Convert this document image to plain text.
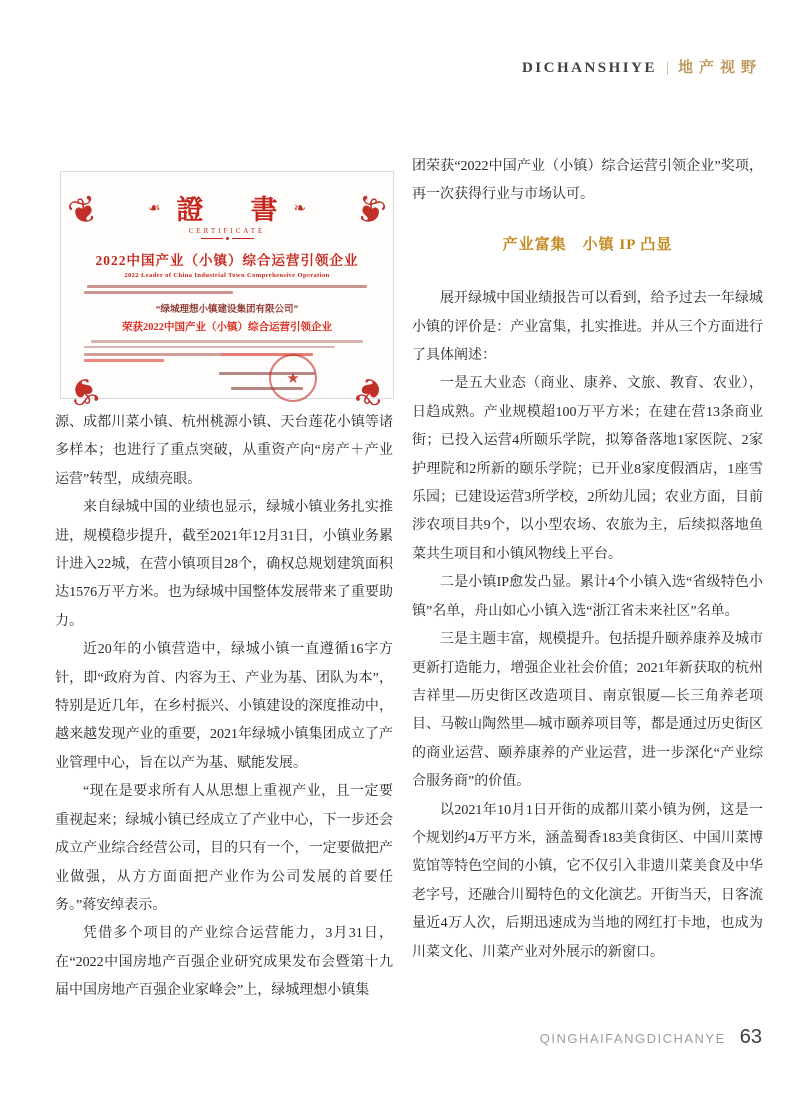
DICHANSHIYE | 地产视野
❦	❦
❦	❦
❧ 證　書 ❧
CERTIFICATE
2022中国产业（小镇）综合运营引领企业
2022 Leader of China Industrial Town Comprehensive Operation
“绿城理想小镇建设集团有限公司”
荣获2022中国产业（小镇）综合运营引领企业
★

源、成都川菜小镇、杭州桃源小镇、天台莲花小镇等诸多样本；也进行了重点突破，从重资产向“房产＋产业运营”转型，成绩亮眼。

来自绿城中国的业绩也显示，绿城小镇业务扎实推进，规模稳步提升，截至2021年12月31日，小镇业务累计进入22城，在营小镇项目28个，确权总规划建筑面积达1576万平方米。也为绿城中国整体发展带来了重要助力。

近20年的小镇营造中，绿城小镇一直遵循16字方针，即“政府为首、内容为王、产业为基、团队为本”，特别是近几年，在乡村振兴、小镇建设的深度推动中，越来越发现产业的重要，2021年绿城小镇集团成立了产业管理中心，旨在以产为基、赋能发展。

“现在是要求所有人从思想上重视产业，且一定要重视起来；绿城小镇已经成立了产业中心，下一步还会成立产业综合经营公司，目的只有一个，一定要做把产业做强，从方方面面把产业作为公司发展的首要任务。”蒋安绰表示。

凭借多个项目的产业综合运营能力，3月31日，在“2022中国房地产百强企业研究成果发布会暨第十九届中国房地产百强企业家峰会”上，绿城理想小镇集

团荣获“2022中国产业（小镇）综合运营引领企业”奖项，再一次获得行业与市场认可。

产业富集　小镇 IP 凸显

展开绿城中国业绩报告可以看到，给予过去一年绿城小镇的评价是：产业富集，扎实推进。并从三个方面进行了具体阐述：

一是五大业态（商业、康养、文旅、教育、农业），日趋成熟。产业规模超100万平方米；在建在营13条商业街；已投入运营4所颐乐学院，拟筹备落地1家医院、2家护理院和2所新的颐乐学院；已开业8家度假酒店，1座雪乐园；已建设运营3所学校，2所幼儿园；农业方面，目前涉农项目共9个，以小型农场、农旅为主，后续拟落地鱼菜共生项目和小镇风物线上平台。

二是小镇IP愈发凸显。累计4个小镇入选“省级特色小镇”名单，舟山如心小镇入选“浙江省未来社区”名单。

三是主题丰富，规模提升。包括提升颐养康养及城市更新打造能力，增强企业社会价值；2021年新获取的杭州吉祥里—历史街区改造项目、南京银厦—长三角养老项目、马鞍山陶然里—城市颐养项目等，都是通过历史街区的商业运营、颐养康养的产业运营，进一步深化“产业综合服务商”的价值。

以2021年10月1日开街的成都川菜小镇为例，这是一个规划约4万平方米，涵盖蜀香183美食街区、中国川菜博览馆等特色空间的小镇，它不仅引入非遗川菜美食及中华老字号，还融合川蜀特色的文化演艺。开街当天，日客流量近4万人次，后期迅速成为当地的网红打卡地，也成为川菜文化、川菜产业对外展示的新窗口。

QINGHAIFANGDICHANYE 63
